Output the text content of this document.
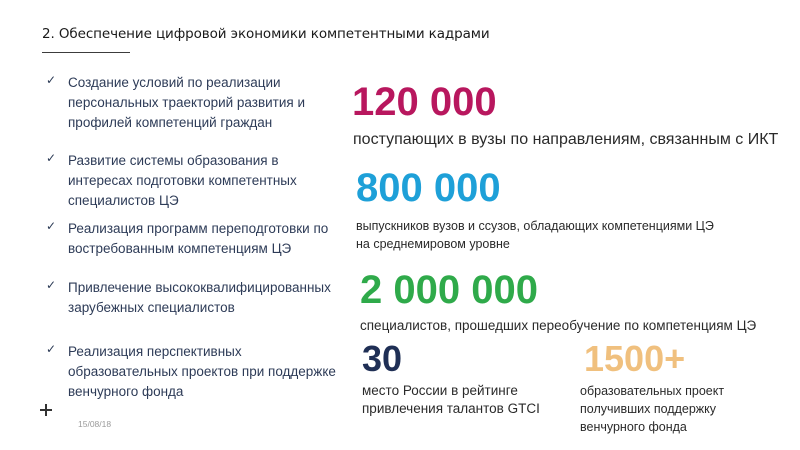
2. Обеспечение цифровой экономики компетентными кадрами
✓ Создание условий по реализации персональных траекторий развития и профилей компетенций граждан
✓ Развитие системы образования в интересах подготовки компетентных специалистов ЦЭ
✓ Реализация программ переподготовки по востребованным компетенциям ЦЭ
✓ Привлечение высококвалифицированных зарубежных специалистов
✓ Реализация перспективных образовательных проектов при поддержке венчурного фонда
120 000
поступающих в вузы по направлениям, связанным с ИКТ
800 000
выпускников вузов и ссузов, обладающих компетенциями ЦЭ на среднемировом уровне
2 000 000
специалистов, прошедших переобучение по компетенциям ЦЭ
30
место России в рейтинге привлечения талантов GTCI
1500+
образовательных проект получивших поддержку венчурного фонда
15/08/18
